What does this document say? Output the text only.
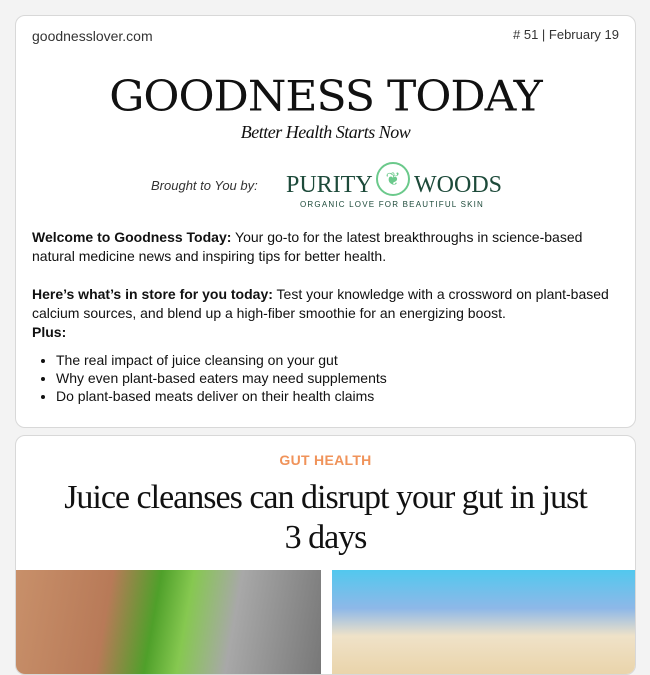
goodnesslover.com	# 51 | February 19
GOODNESS TODAY
Better Health Starts Now
Brought to You by: PURITY ❦ WOODS
ORGANIC LOVE FOR BEAUTIFUL SKIN

Welcome to Goodness Today: Your go-to for the latest breakthroughs in science-based natural medicine news and inspiring tips for better health.

Here’s what’s in store for you today: Test your knowledge with a crossword on plant-based calcium sources, and blend up a high-fiber smoothie for an energizing boost.
Plus:

• The real impact of juice cleansing on your gut
• Why even plant-based eaters may need supplements
• Do plant-based meats deliver on their health claims
GUT HEALTH
Juice cleanses can disrupt your gut in just 3 days
